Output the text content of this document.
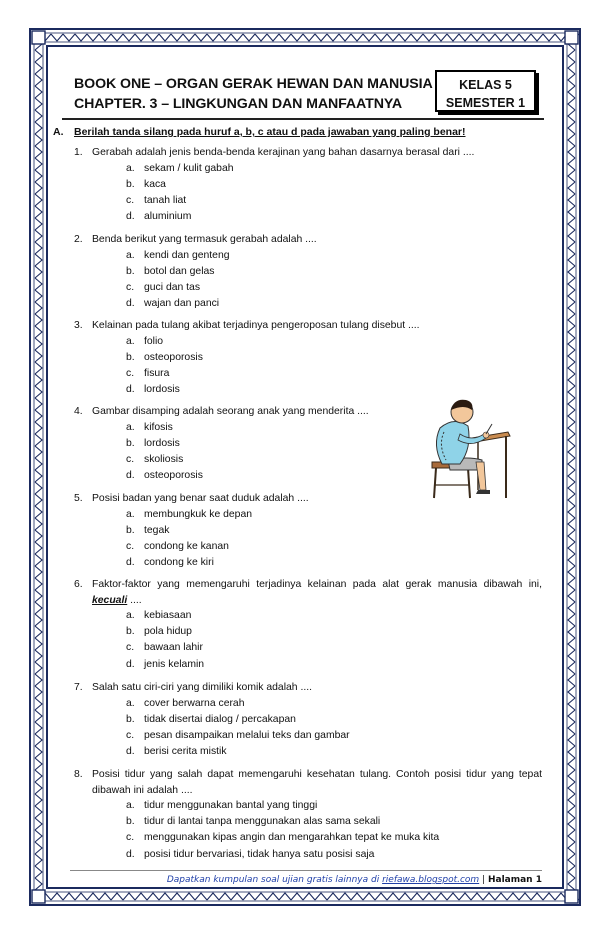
BOOK ONE – ORGAN GERAK HEWAN DAN MANUSIA
CHAPTER. 3 – LINGKUNGAN DAN MANFAATNYA
KELAS 5
SEMESTER 1
A. Berilah tanda silang pada huruf a, b, c atau d pada jawaban yang paling benar!
1. Gerabah adalah jenis benda-benda kerajinan yang bahan dasarnya berasal dari ....
a. sekam / kulit gabah
b. kaca
c. tanah liat
d. aluminium
2. Benda berikut yang termasuk gerabah adalah ....
a. kendi dan genteng
b. botol dan gelas
c. guci dan tas
d. wajan dan panci
3. Kelainan pada tulang akibat terjadinya pengeroposan tulang disebut ....
a. folio
b. osteoporosis
c. fisura
d. lordosis
4. Gambar disamping adalah seorang anak yang menderita ....
a. kifosis
b. lordosis
c. skoliosis
d. osteoporosis
5. Posisi badan yang benar saat duduk adalah ....
a. membungkuk ke depan
b. tegak
c. condong ke kanan
d. condong ke kiri
6. Faktor-faktor yang memengaruhi terjadinya kelainan pada alat gerak manusia dibawah ini, kecuali ....
a. kebiasaan
b. pola hidup
c. bawaan lahir
d. jenis kelamin
7. Salah satu ciri-ciri yang dimiliki komik adalah ....
a. cover berwarna cerah
b. tidak disertai dialog / percakapan
c. pesan disampaikan melalui teks dan gambar
d. berisi cerita mistik
8. Posisi tidur yang salah dapat memengaruhi kesehatan tulang. Contoh posisi tidur yang tepat dibawah ini adalah ....
a. tidur menggunakan bantal yang tinggi
b. tidur di lantai tanpa menggunakan alas sama sekali
c. menggunakan kipas angin dan mengarahkan tepat ke muka kita
d. posisi tidur bervariasi, tidak hanya satu posisi saja
Dapatkan kumpulan soal ujian gratis lainnya di riefawa.blogspot.com | Halaman 1
